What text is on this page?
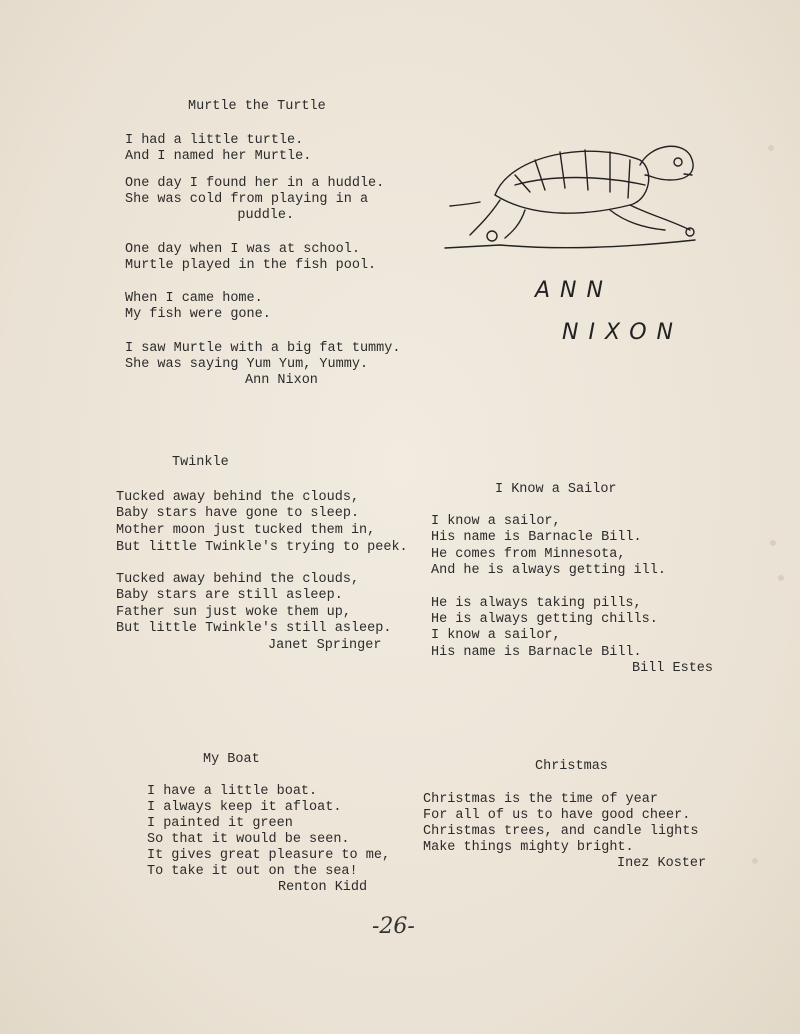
Murtle the Turtle
I had a little turtle.
And I named her Murtle.
One day I found her in a huddle.
She was cold from playing in a
puddle.
One day when I was at school.
Murtle played in the fish pool.
When I came home.
My fish were gone.
I saw Murtle with a big fat tummy.
She was saying Yum Yum, Yummy.
Ann Nixon
ANN
NIXON
Twinkle
Tucked away behind the clouds,
Baby stars have gone to sleep.
Mother moon just tucked them in,
But little Twinkle's trying to peek.
Tucked away behind the clouds,
Baby stars are still asleep.
Father sun just woke them up,
But little Twinkle's still asleep.
Janet Springer
I Know a Sailor
I know a sailor,
His name is Barnacle Bill.
He comes from Minnesota,
And he is always getting ill.
He is always taking pills,
He is always getting chills.
I know a sailor,
His name is Barnacle Bill.
Bill Estes
My Boat
I have a little boat.
I always keep it afloat.
I painted it green
So that it would be seen.
It gives great pleasure to me,
To take it out on the sea!
Renton Kidd
Christmas
Christmas is the time of year
For all of us to have good cheer.
Christmas trees, and candle lights
Make things mighty bright.
Inez Koster
-26-
